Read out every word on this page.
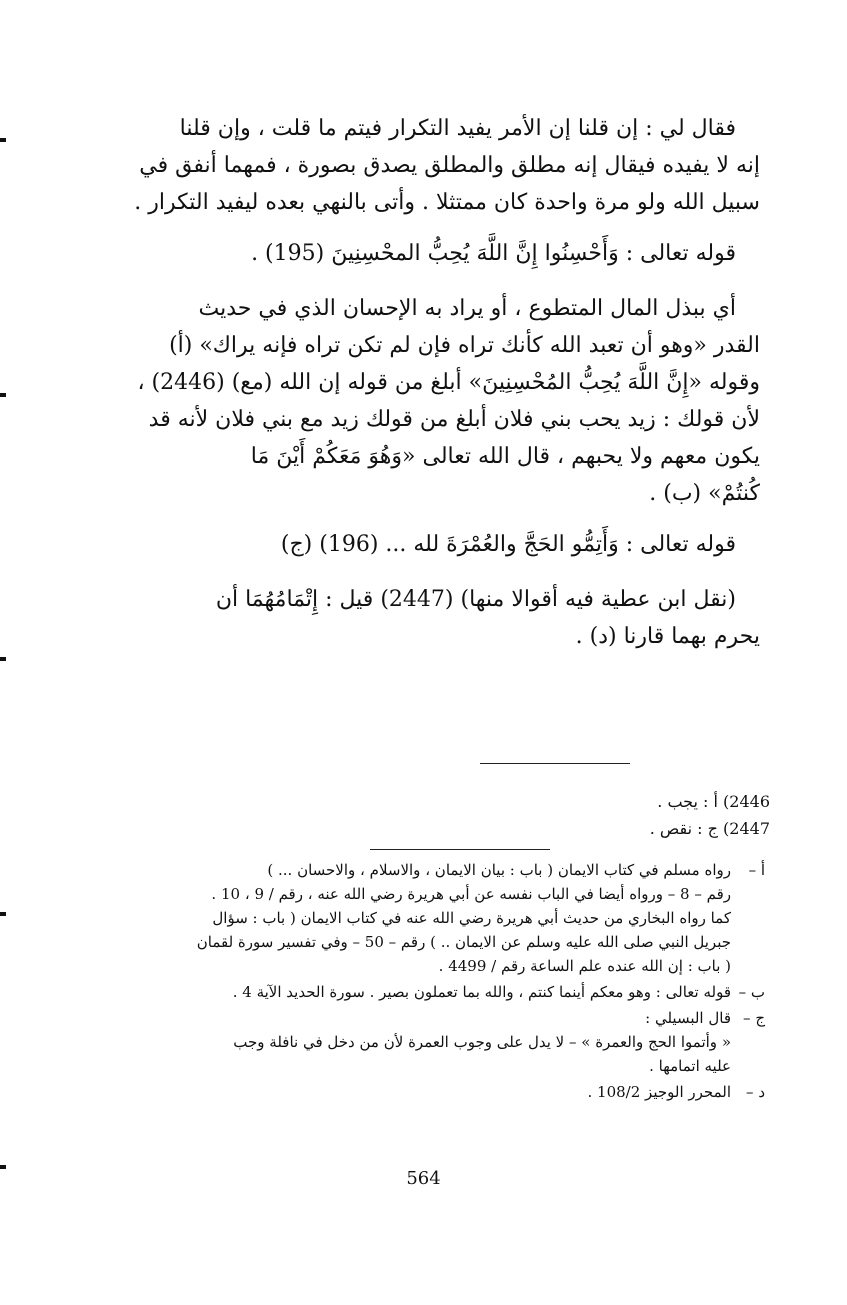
فقال لي : إن قلنا إن الأمر يفيد التكرار فيتم ما قلت ، وإن قلنا

إنه لا يفيده فيقال إنه مطلق والمطلق يصدق بصورة ، فمهما أنفق في

سبيل الله ولو مرة واحدة كان ممتثلا . وأتى بالنهي بعده ليفيد التكرار .

قوله تعالى : وَأَحْسِنُوا إِنَّ اللَّهَ يُحِبُّ المحْسِنِينَ (195) .

أي ببذل المال المتطوع ، أو يراد به الإحسان الذي في حديث

القدر «وهو أن تعبد الله كأنك تراه فإن لم تكن تراه فإنه يراك» (أ)

وقوله «إِنَّ اللَّهَ يُحِبُّ المُحْسِنِينَ» أبلغ من قوله إن الله (مع) (2446) ،

لأن قولك : زيد يحب بني فلان أبلغ من قولك زيد مع بني فلان لأنه قد

يكون معهم ولا يحبهم ، قال الله تعالى «وَهُوَ مَعَكُمْ أَيْنَ مَا

كُنتُمْ» (ب) .

قوله تعالى : وَأَتِمُّو الحَجَّ والعُمْرَةَ لله ... (196) (ج)

(نقل ابن عطية فيه أقوالا منها) (2447) قيل : إِتْمَامُهُمَا أن

يحرم بهما قارنا (د) .

2446) أ : يجب .
2447) ج : نقص .
أ –
رواه مسلم في كتاب الايمان ( باب : بيان الايمان ، والاسلام ، والاحسان ... )
رقم – 8 – ورواه أيضا في الباب نفسه عن أبي هريرة رضي الله عنه ، رقم / 9 ، 10 .
كما رواه البخاري من حديث أبي هريرة رضي الله عنه في كتاب الايمان ( باب : سؤال
جبريل النبي صلى الله عليه وسلم عن الايمان .. ) رقم – 50 – وفي تفسير سورة لقمان
( باب : إن الله عنده علم الساعة رقم / 4499 .
ب –
قوله تعالى : وهو معكم أينما كنتم ، والله بما تعملون بصير . سورة الحديد الآية 4 .
ج –
قال البسيلي :
« وأتموا الحج والعمرة » – لا يدل على وجوب العمرة لأن من دخل في نافلة وجب
عليه اتمامها .
د –
المحرر الوجيز 108/2 .
564
